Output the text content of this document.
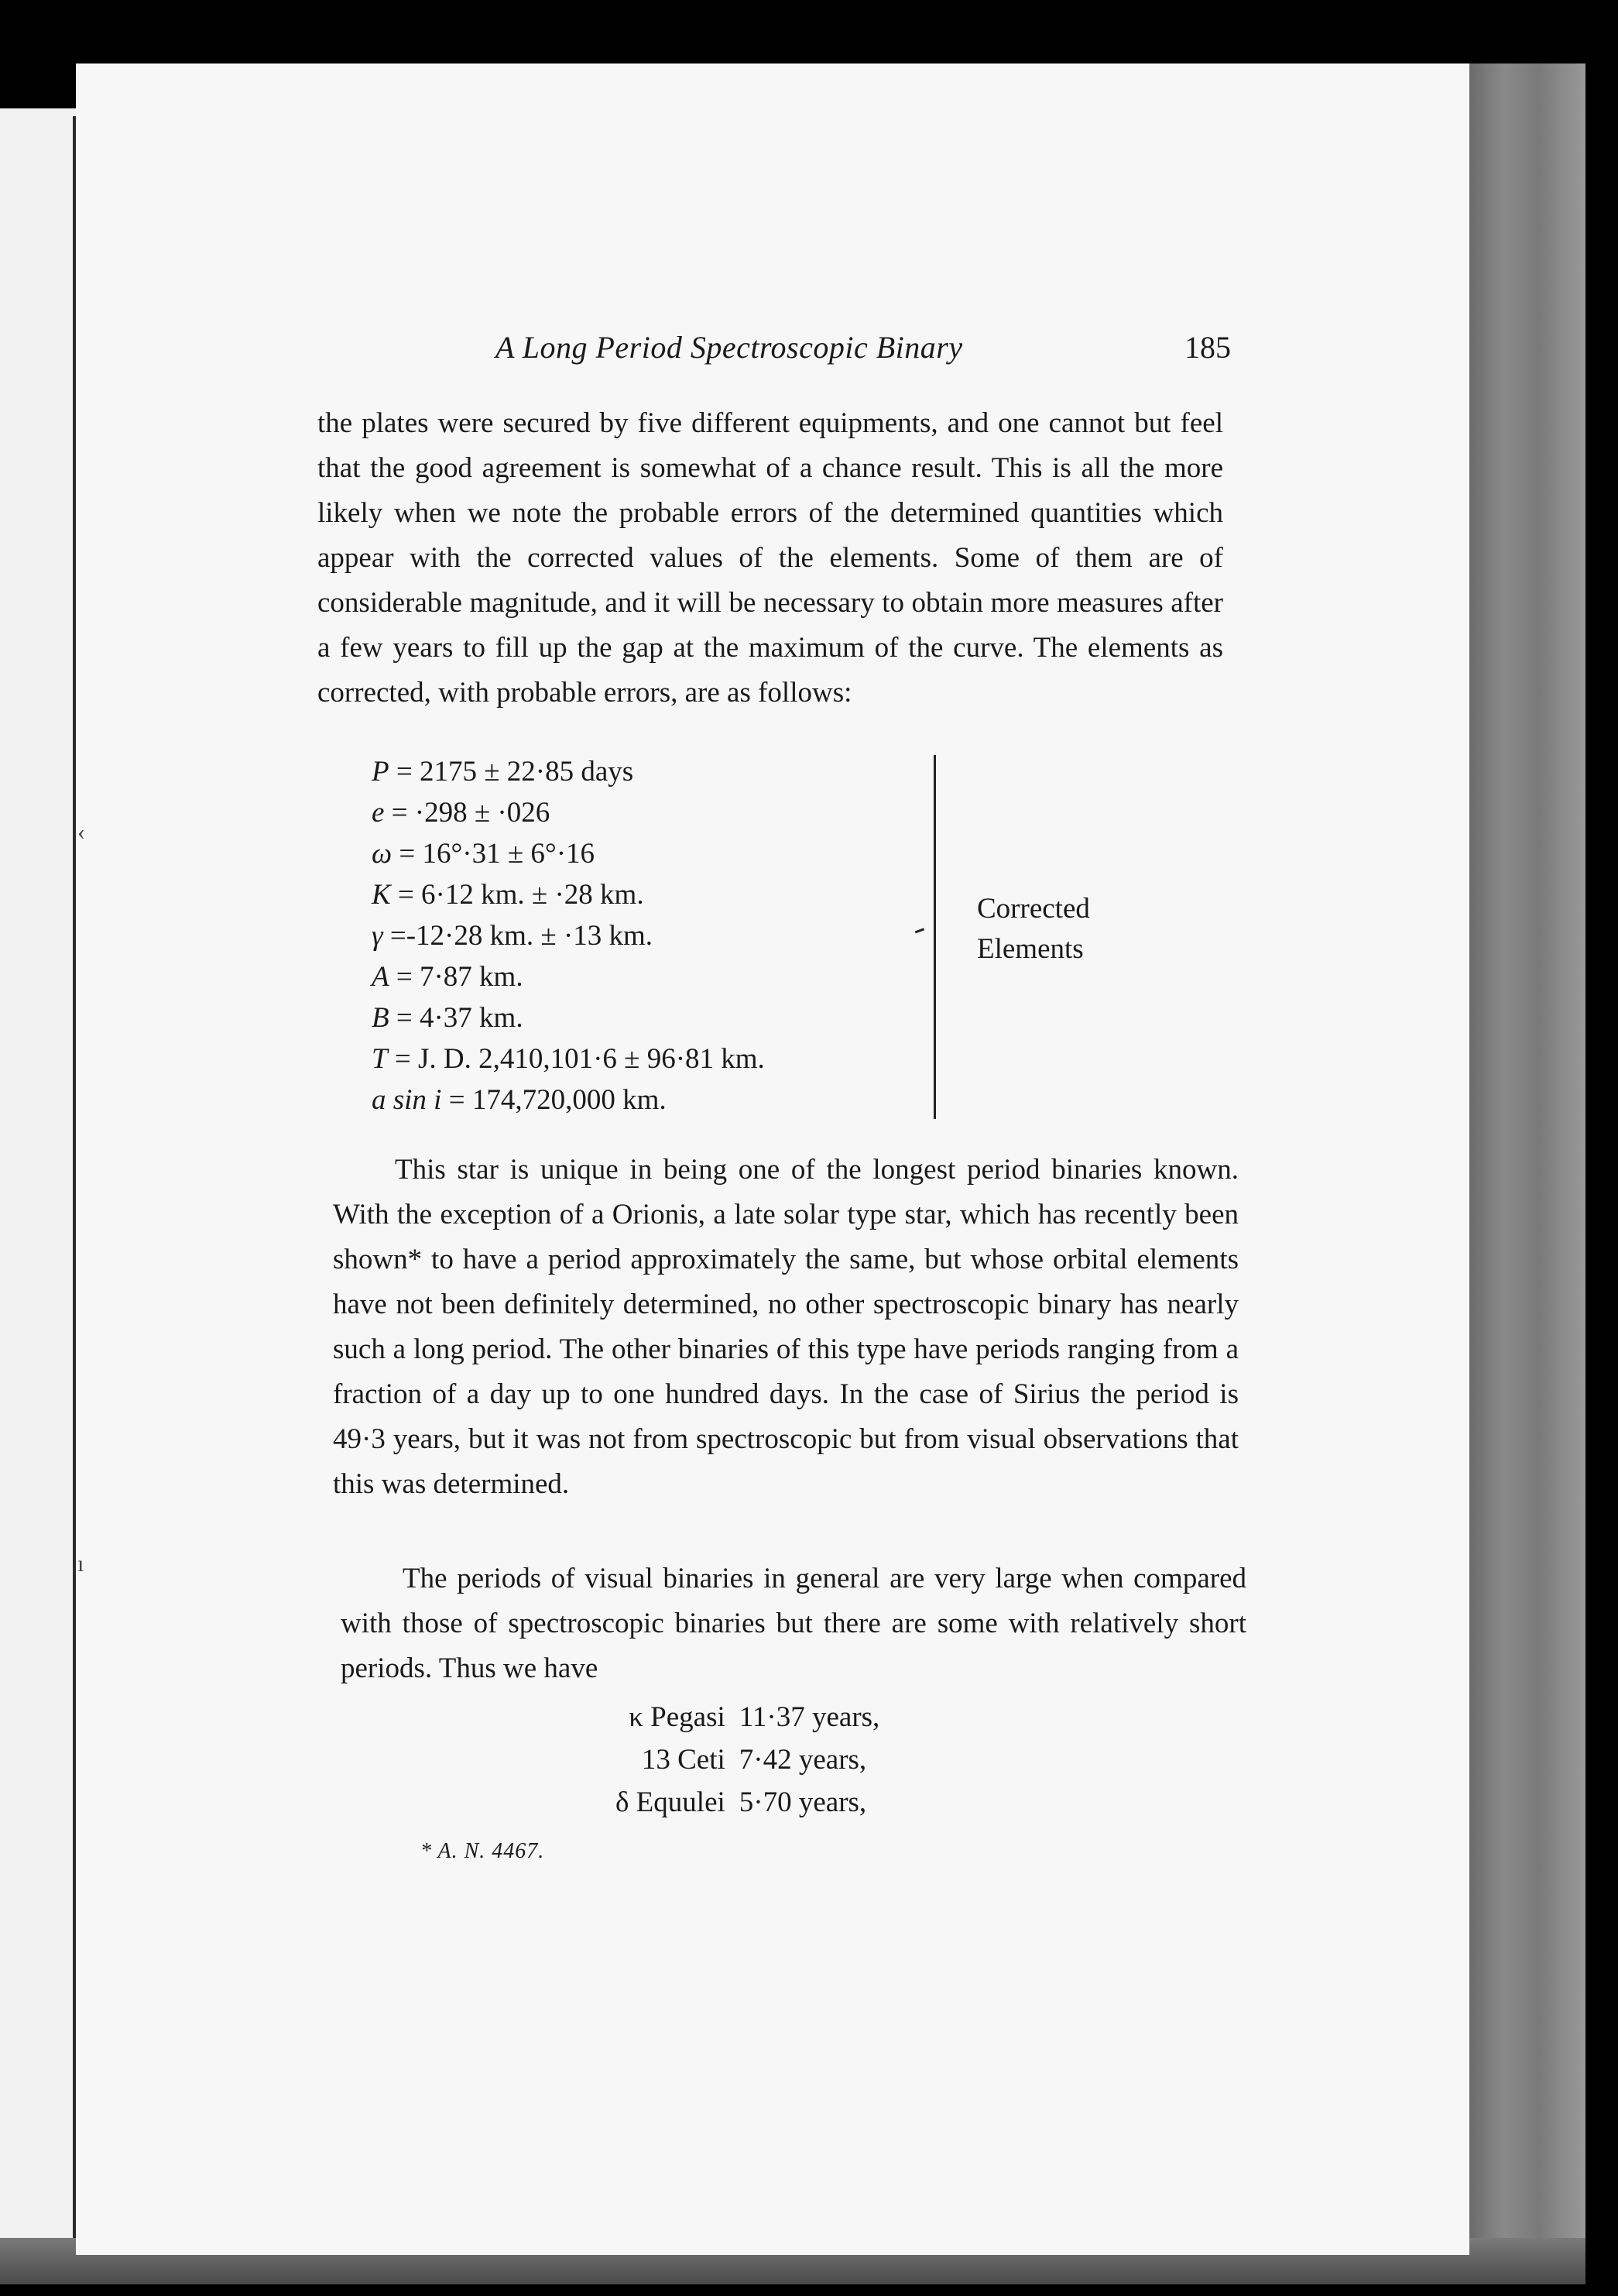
‹
ı
A Long Period Spectroscopic Binary	185

the plates were secured by five different equipments, and one cannot but feel that the good agreement is somewhat of a chance result. This is all the more likely when we note the probable errors of the determined quantities which appear with the corrected values of the elements. Some of them are of considerable magnitude, and it will be necessary to obtain more measures after a few years to fill up the gap at the maximum of the curve. The elements as corrected, with probable errors, are as follows:

P = 2175 ± 22·85 days
e = ·298 ± ·026
ω = 16°·31 ± 6°·16
K = 6·12 km. ± ·28 km.
γ =-12·28 km. ± ·13 km.
A = 7·87 km.
B = 4·37 km.
T = J. D. 2,410,101·6 ± 96·81 km.
a sin i = 174,720,000 km.
Corrected
Elements

This star is unique in being one of the longest period binaries known. With the exception of a Orionis, a late solar type star, which has recently been shown* to have a period approximately the same, but whose orbital elements have not been definitely determined, no other spectroscopic binary has nearly such a long period. The other binaries of this type have periods ranging from a fraction of a day up to one hundred days. In the case of Sirius the period is 49·3 years, but it was not from spectroscopic but from visual observations that this was determined.

The periods of visual binaries in general are very large when compared with those of spectroscopic binaries but there are some with relatively short periods. Thus we have

κ Pegasi	11·37 years,
13 Ceti	7·42 years,
δ Equulei	5·70 years,
* A. N. 4467.
